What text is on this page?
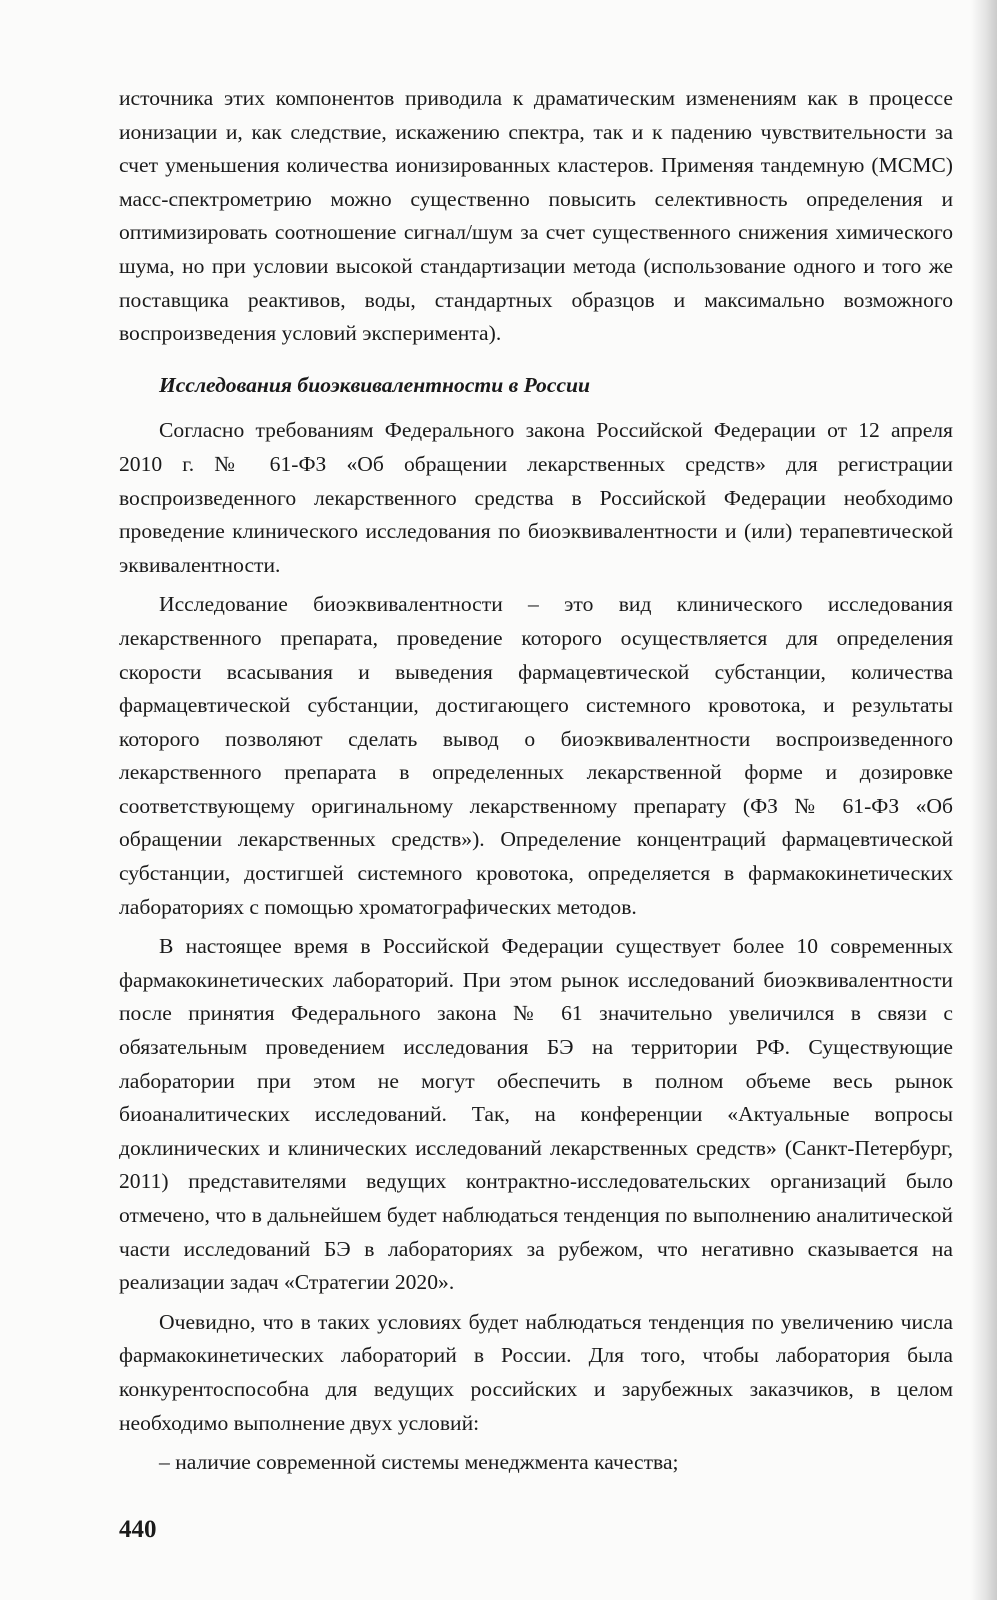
источника этих компонентов приводила к драматическим изменениям как в процессе ионизации и, как следствие, искажению спектра, так и к падению чувствительности за счет уменьшения количества ионизированных кластеров. Применяя тандемную (МСМС) масс-спектрометрию можно существенно повысить селективность определения и оптимизировать соотношение сигнал/шум за счет существенного снижения химического шума, но при условии высокой стандартизации метода (использование одного и того же поставщика реактивов, воды, стандартных образцов и максимально возможного воспроизведения условий эксперимента).

Исследования биоэквивалентности в России

Согласно требованиям Федерального закона Российской Федерации от 12 апреля 2010 г. № 61-ФЗ «Об обращении лекарственных средств» для регистрации воспроизведенного лекарственного средства в Российской Федерации необходимо проведение клинического исследования по биоэквивалентности и (или) терапевтической эквивалентности.

Исследование биоэквивалентности – это вид клинического исследования лекарственного препарата, проведение которого осуществляется для определения скорости всасывания и выведения фармацевтической субстанции, количества фармацевтической субстанции, достигающего системного кровотока, и результаты которого позволяют сделать вывод о биоэквивалентности воспроизведенного лекарственного препарата в определенных лекарственной форме и дозировке соответствующему оригинальному лекарственному препарату (ФЗ № 61-ФЗ «Об обращении лекарственных средств»). Определение концентраций фармацевтической субстанции, достигшей системного кровотока, определяется в фармакокинетических лабораториях с помощью хроматографических методов.

В настоящее время в Российской Федерации существует более 10 современных фармакокинетических лабораторий. При этом рынок исследований биоэквивалентности после принятия Федерального закона № 61 значительно увеличился в связи с обязательным проведением исследования БЭ на территории РФ. Существующие лаборатории при этом не могут обеспечить в полном объеме весь рынок биоаналитических исследований. Так, на конференции «Актуальные вопросы доклинических и клинических исследований лекарственных средств» (Санкт-Петербург, 2011) представителями ведущих контрактно-исследовательских организаций было отмечено, что в дальнейшем будет наблюдаться тенденция по выполнению аналитической части исследований БЭ в лабораториях за рубежом, что негативно сказывается на реализации задач «Стратегии 2020».

Очевидно, что в таких условиях будет наблюдаться тенденция по увеличению числа фармакокинетических лабораторий в России. Для того, чтобы лаборатория была конкурентоспособна для ведущих российских и зарубежных заказчиков, в целом необходимо выполнение двух условий:

– наличие современной системы менеджмента качества;

440
